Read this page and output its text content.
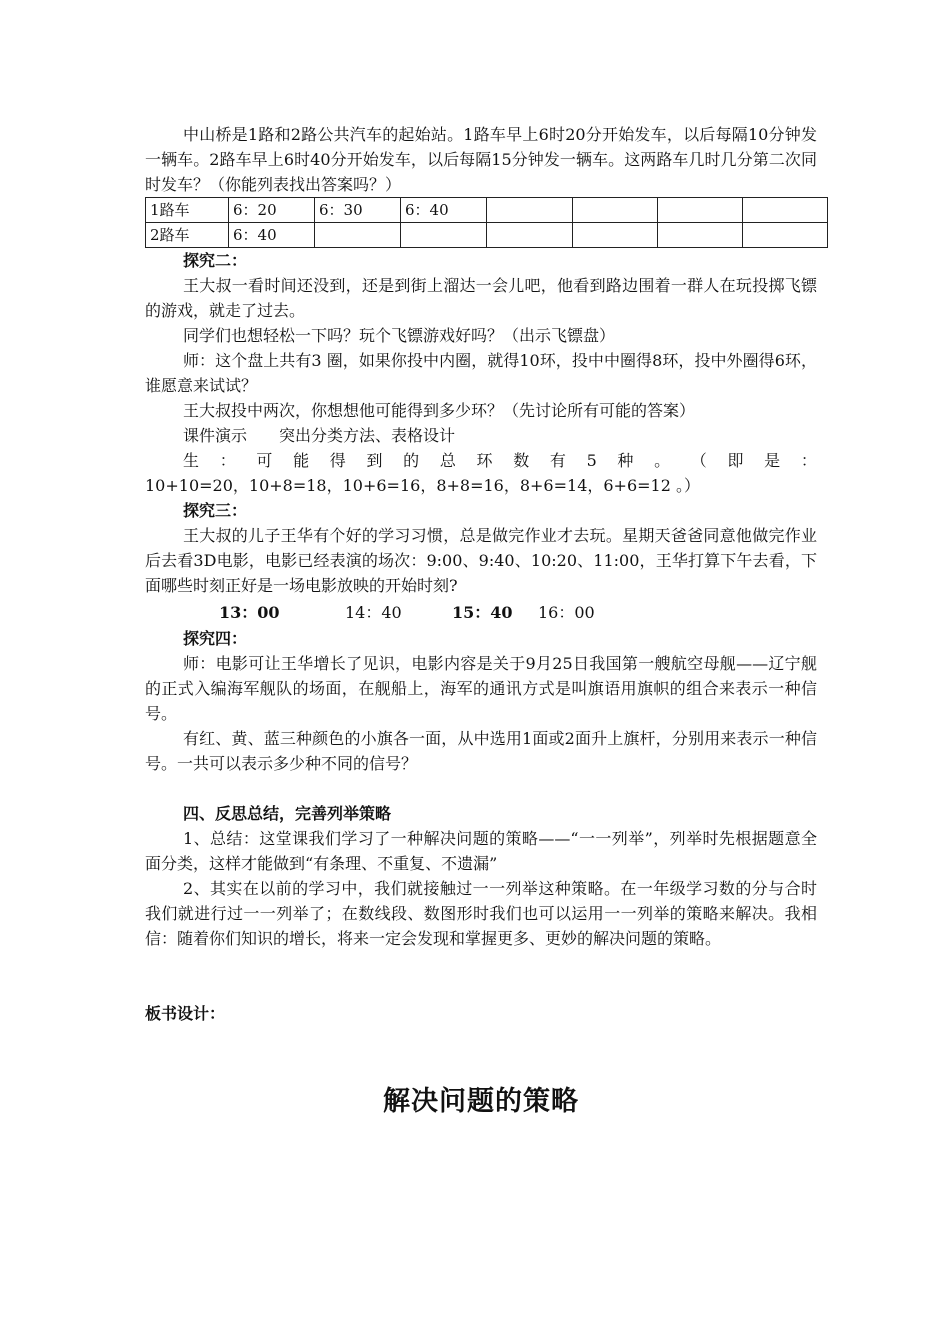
中山桥是1路和2路公共汽车的起始站。1路车早上6时20分开始发车，以后每隔10分钟发一辆车。2路车早上6时40分开始发车，以后每隔15分钟发一辆车。这两路车几时几分第二次同时发车？（你能列表找出答案吗？）

1路车	6：20	6：30	6：40				
2路车	6：40						

探究二：

王大叔一看时间还没到，还是到街上溜达一会儿吧，他看到路边围着一群人在玩投掷飞镖的游戏，就走了过去。

同学们也想轻松一下吗？玩个飞镖游戏好吗？（出示飞镖盘）

师：这个盘上共有3 圈，如果你投中内圈，就得10环，投中中圈得8环，投中外圈得6环，谁愿意来试试？

王大叔投中两次，你想想他可能得到多少环？（先讨论所有可能的答案）

课件演示　　突出分类方法、表格设计

生 ： 可 能 得 到 的 总 环 数 有 5 种 。 （ 即 是 ：

10+10=20，10+8=18，10+6=16，8+8=16，8+6=14，6+6=12 。）

探究三：

王大叔的儿子王华有个好的学习习惯，总是做完作业才去玩。星期天爸爸同意他做完作业后去看3D电影，电影已经表演的场次：9:00、9:40、10:20、11:00，王华打算下午去看，下面哪些时刻正好是一场电影放映的开始时刻?

13：00	14：40	15：40	16：00

探究四：

师：电影可让王华增长了见识，电影内容是关于9月25日我国第一艘航空母舰——辽宁舰的正式入编海军舰队的场面，在舰船上，海军的通讯方式是叫旗语用旗帜的组合来表示一种信号。

有红、黄、蓝三种颜色的小旗各一面，从中选用1面或2面升上旗杆，分别用来表示一种信号。一共可以表示多少种不同的信号？

四、反思总结，完善列举策略

1、总结：这堂课我们学习了一种解决问题的策略——“一一列举”，列举时先根据题意全面分类，这样才能做到“有条理、不重复、不遗漏”

2、其实在以前的学习中，我们就接触过一一列举这种策略。在一年级学习数的分与合时我们就进行过一一列举了；在数线段、数图形时我们也可以运用一一列举的策略来解决。我相信：随着你们知识的增长，将来一定会发现和掌握更多、更妙的解决问题的策略。

板书设计：

解决问题的策略
